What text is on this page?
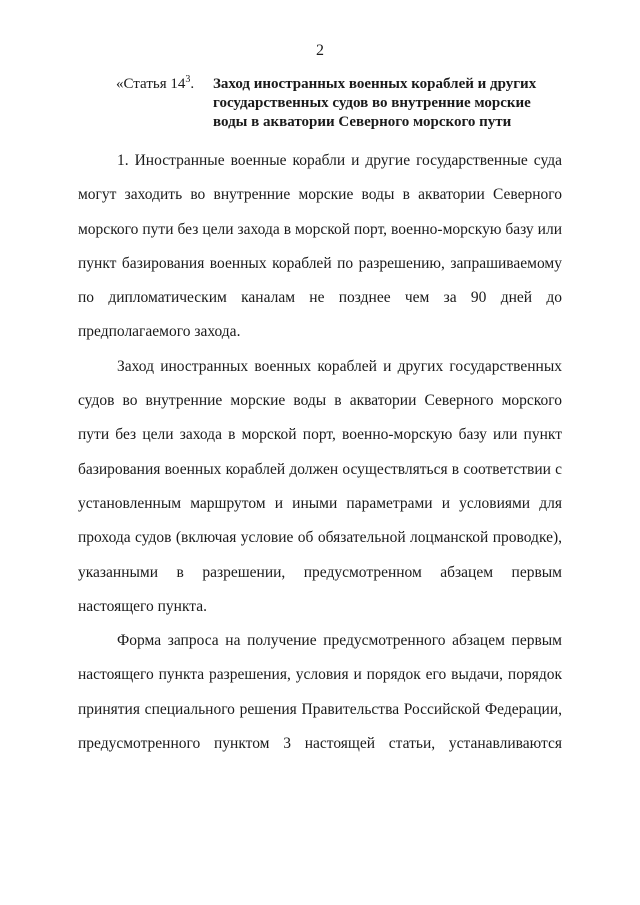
2
«Статья $14^3$. Заход иностранных военных кораблей и других государственных судов во внутренние морские воды в акватории Северного морского пути

1. Иностранные военные корабли и другие государственные суда могут заходить во внутренние морские воды в акватории Северного морского пути без цели захода в морской порт, военно-морскую базу или пункт базирования военных кораблей по разрешению, запрашиваемому по дипломатическим каналам не позднее чем за 90 дней до предполагаемого захода.

Заход иностранных военных кораблей и других государственных судов во внутренние морские воды в акватории Северного морского пути без цели захода в морской порт, военно-морскую базу или пункт базирования военных кораблей должен осуществляться в соответствии с установленным маршрутом и иными параметрами и условиями для прохода судов (включая условие об обязательной лоцманской проводке), указанными в разрешении, предусмотренном абзацем первым настоящего пункта.

Форма запроса на получение предусмотренного абзацем первым настоящего пункта разрешения, условия и порядок его выдачи, порядок принятия специального решения Правительства Российской Федерации, предусмотренного пунктом 3 настоящей статьи, устанавливаются
